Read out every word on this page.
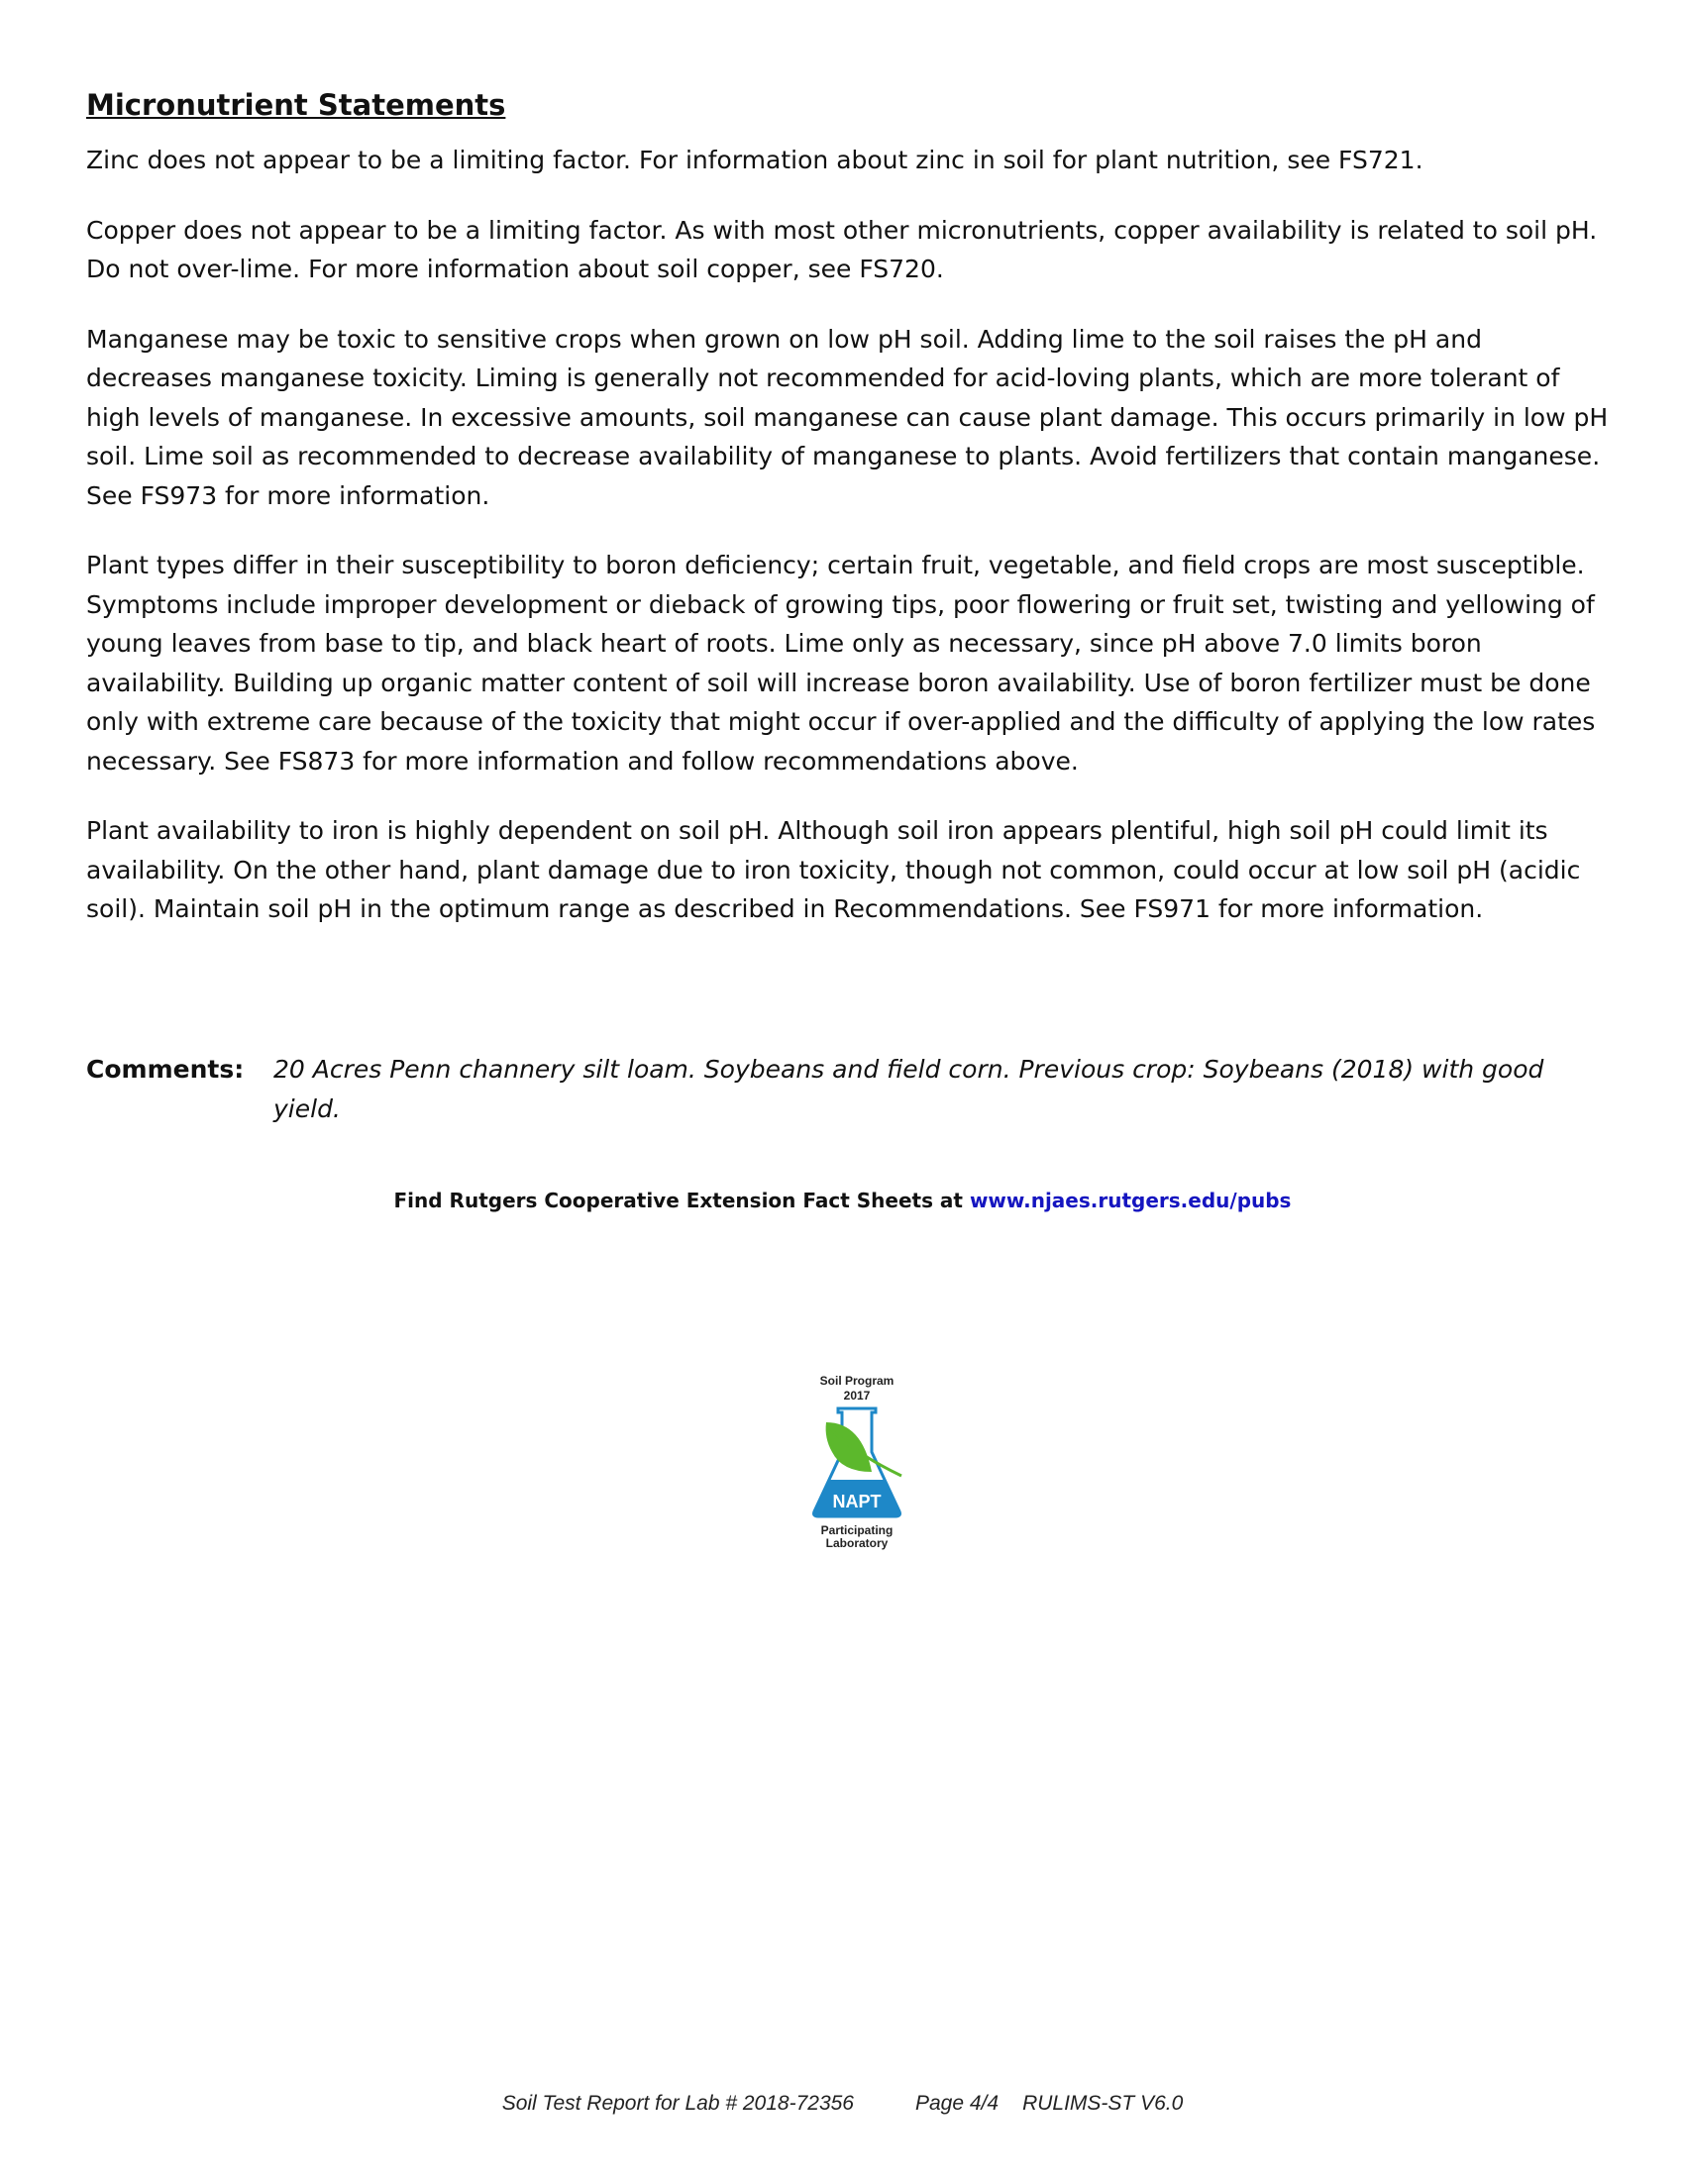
Micronutrient Statements

Zinc does not appear to be a limiting factor. For information about zinc in soil for plant nutrition, see FS721.

Copper does not appear to be a limiting factor. As with most other micronutrients, copper availability is related to soil pH. Do not over-lime. For more information about soil copper, see FS720.

Manganese may be toxic to sensitive crops when grown on low pH soil. Adding lime to the soil raises the pH and decreases manganese toxicity. Liming is generally not recommended for acid-loving plants, which are more tolerant of high levels of manganese. In excessive amounts, soil manganese can cause plant damage. This occurs primarily in low pH soil. Lime soil as recommended to decrease availability of manganese to plants. Avoid fertilizers that contain manganese. See FS973 for more information.

Plant types differ in their susceptibility to boron deficiency; certain fruit, vegetable, and field crops are most susceptible. Symptoms include improper development or dieback of growing tips, poor flowering or fruit set, twisting and yellowing of young leaves from base to tip, and black heart of roots. Lime only as necessary, since pH above 7.0 limits boron availability. Building up organic matter content of soil will increase boron availability. Use of boron fertilizer must be done only with extreme care because of the toxicity that might occur if over-applied and the difficulty of applying the low rates necessary. See FS873 for more information and follow recommendations above.

Plant availability to iron is highly dependent on soil pH. Although soil iron appears plentiful, high soil pH could limit its availability. On the other hand, plant damage due to iron toxicity, though not common, could occur at low soil pH (acidic soil). Maintain soil pH in the optimum range as described in Recommendations. See FS971 for more information.

Comments: 20 Acres Penn channery silt loam. Soybeans and field corn. Previous crop: Soybeans (2018) with good yield.
Find Rutgers Cooperative Extension Fact Sheets at www.njaes.rutgers.edu/pubs
Soil Program
2017
NAPT
Participating
Laboratory
Soil Test Report for Lab # 2018-72356	Page 4/4 RULIMS-ST V6.0
